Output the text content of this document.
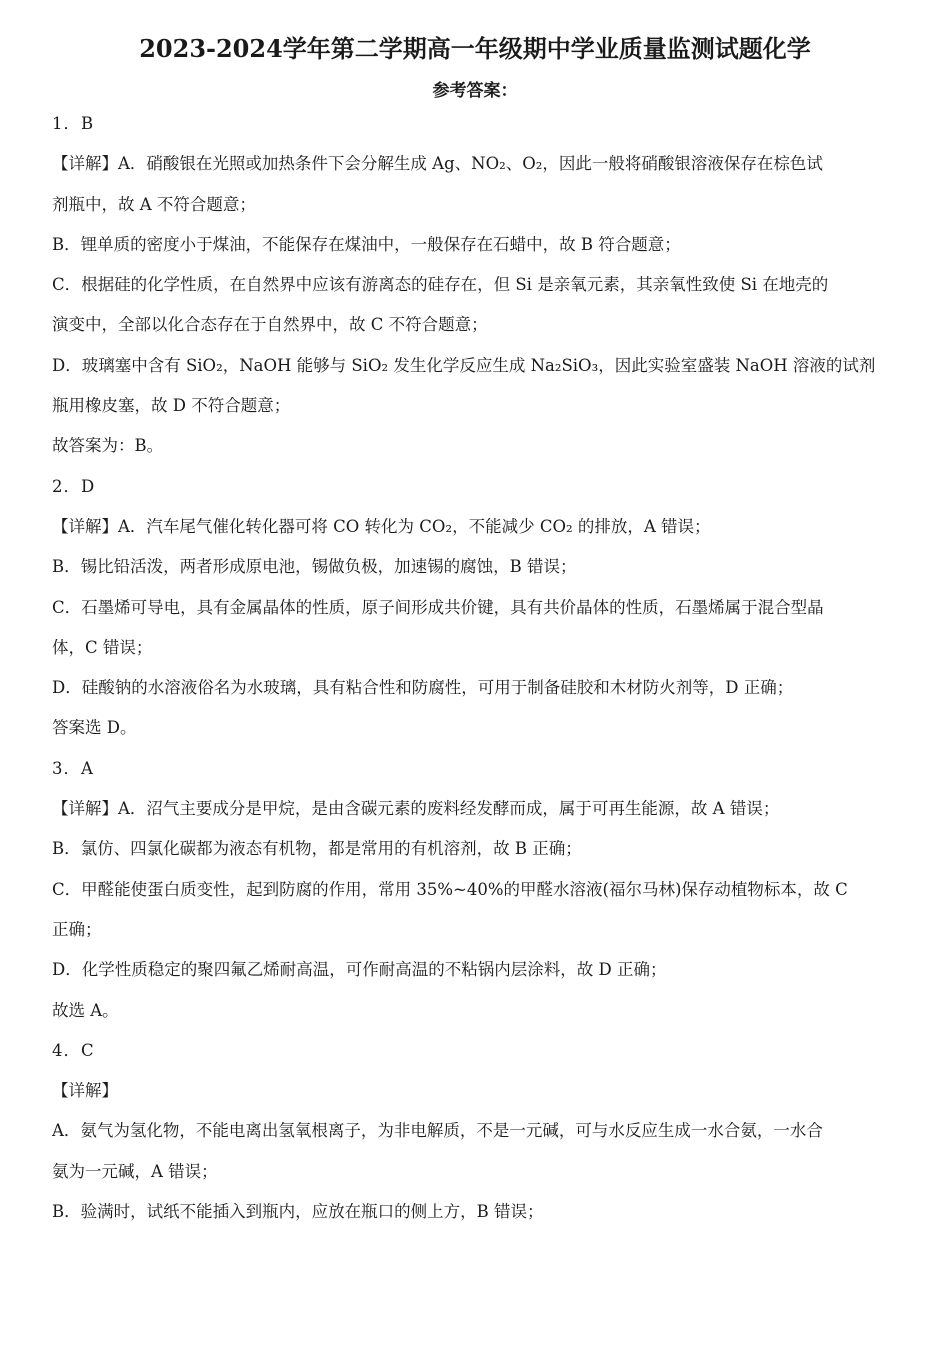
2023-2024学年第二学期高一年级期中学业质量监测试题化学
参考答案：
1．B
【详解】A．硝酸银在光照或加热条件下会分解生成 Ag、NO₂、O₂，因此一般将硝酸银溶液保存在棕色试
剂瓶中，故 A 不符合题意；
B．锂单质的密度小于煤油，不能保存在煤油中，一般保存在石蜡中，故 B 符合题意；
C．根据硅的化学性质，在自然界中应该有游离态的硅存在，但 Si 是亲氧元素，其亲氧性致使 Si 在地壳的
演变中，全部以化合态存在于自然界中，故 C 不符合题意；
D．玻璃塞中含有 SiO₂，NaOH 能够与 SiO₂ 发生化学反应生成 Na₂SiO₃，因此实验室盛装 NaOH 溶液的试剂
瓶用橡皮塞，故 D 不符合题意；
故答案为：B。
2．D
【详解】A．汽车尾气催化转化器可将 CO 转化为 CO₂，不能减少 CO₂ 的排放，A 错误；
B．锡比铅活泼，两者形成原电池，锡做负极，加速锡的腐蚀，B 错误；
C．石墨烯可导电，具有金属晶体的性质，原子间形成共价键，具有共价晶体的性质，石墨烯属于混合型晶
体，C 错误；
D．硅酸钠的水溶液俗名为水玻璃，具有粘合性和防腐性，可用于制备硅胶和木材防火剂等，D 正确；
答案选 D。
3．A
【详解】A．沼气主要成分是甲烷，是由含碳元素的废料经发酵而成，属于可再生能源，故 A 错误；
B．氯仿、四氯化碳都为液态有机物，都是常用的有机溶剂，故 B 正确；
C．甲醛能使蛋白质变性，起到防腐的作用，常用 35%~40%的甲醛水溶液(福尔马林)保存动植物标本，故 C
正确；
D．化学性质稳定的聚四氟乙烯耐高温，可作耐高温的不粘锅内层涂料，故 D 正确；
故选 A。
4．C
【详解】
A．氨气为氢化物，不能电离出氢氧根离子，为非电解质，不是一元碱，可与水反应生成一水合氨，一水合
氨为一元碱，A 错误；
B．验满时，试纸不能插入到瓶内，应放在瓶口的侧上方，B 错误；
